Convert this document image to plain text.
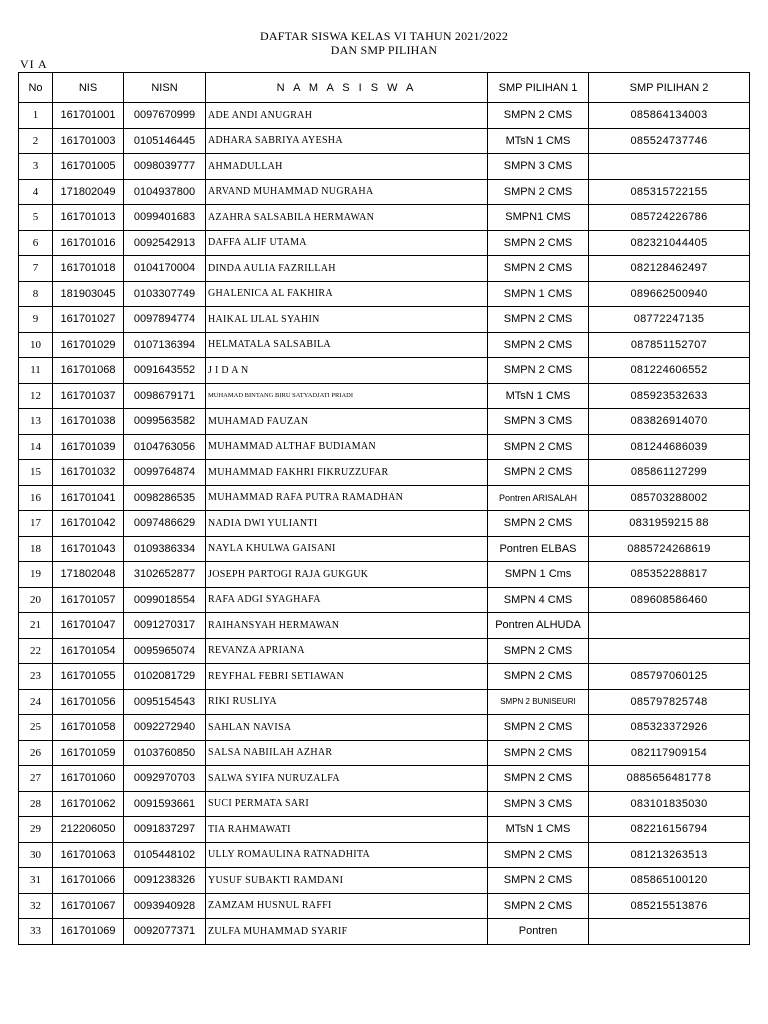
DAFTAR SISWA KELAS VI TAHUN 2021/2022
DAN SMP PILIHAN
VI A
No	NIS	NISN	N A M A S I S W A	SMP PILIHAN 1	SMP PILIHAN 2
1	161701001	0097670999	ADE ANDI ANUGRAH	SMPN 2 CMS	085864134003
2	161701003	0105146445	ADHARA SABRIYA AYESHA	MTsN 1 CMS	085524737746
3	161701005	0098039777	AHMADULLAH	SMPN 3 CMS	
4	171802049	0104937800	ARVAND MUHAMMAD NUGRAHA	SMPN 2 CMS	085315722155
5	161701013	0099401683	AZAHRA SALSABILA HERMAWAN	SMPN1 CMS	085724226786
6	161701016	0092542913	DAFFA ALIF UTAMA	SMPN 2 CMS	082321044405
7	161701018	0104170004	DINDA AULIA FAZRILLAH	SMPN 2 CMS	082128462497
8	181903045	0103307749	GHALENICA AL FAKHIRA	SMPN 1 CMS	089662500940
9	161701027	0097894774	HAIKAL IJLAL SYAHIN	SMPN 2 CMS	08772247135
10	161701029	0107136394	HELMATALA SALSABILA	SMPN 2 CMS	087851152707
11	161701068	0091643552	J I D A N	SMPN 2 CMS	081224606552
12	161701037	0098679171	MUHAMAD BINTANG BIRU SATYADJATI PRIADI	MTsN 1 CMS	085923532633
13	161701038	0099563582	MUHAMAD FAUZAN	SMPN 3 CMS	083826914070
14	161701039	0104763056	MUHAMMAD ALTHAF BUDIAMAN	SMPN 2 CMS	081244686039
15	161701032	0099764874	MUHAMMAD FAKHRI FIKRUZZUFAR	SMPN 2 CMS	085861127299
16	161701041	0098286535	MUHAMMAD RAFA PUTRA RAMADHAN	Pontren ARISALAH	085703288002
17	161701042	0097486629	NADIA DWI YULIANTI	SMPN 2 CMS	0831959215 88
18	161701043	0109386334	NAYLA KHULWA GAISANI	Pontren ELBAS	0885724268619
19	171802048	3102652877	JOSEPH PARTOGI RAJA GUKGUK	SMPN 1 Cms	085352288817
20	161701057	0099018554	RAFA ADGI SYAGHAFA	SMPN 4 CMS	089608586460
21	161701047	0091270317	RAIHANSYAH HERMAWAN	Pontren ALHUDA	
22	161701054	0095965074	REVANZA APRIANA	SMPN 2 CMS	
23	161701055	0102081729	REYFHAL FEBRI SETIAWAN	SMPN 2 CMS	085797060125
24	161701056	0095154543	RIKI RUSLIYA	SMPN 2 BUNISEURI	085797825748
25	161701058	0092272940	SAHLAN NAVISA	SMPN 2 CMS	085323372926
26	161701059	0103760850	SALSA NABIILAH AZHAR	SMPN 2 CMS	082117909154
27	161701060	0092970703	SALWA SYIFA NURUZALFA	SMPN 2 CMS	088565648177 8
28	161701062	0091593661	SUCI PERMATA SARI	SMPN 3 CMS	083101835030
29	212206050	0091837297	TIA RAHMAWATI	MTsN 1 CMS	082216156794
30	161701063	0105448102	ULLY ROMAULINA RATNADHITA	SMPN 2 CMS	081213263513
31	161701066	0091238326	YUSUF SUBAKTI RAMDANI	SMPN 2 CMS	085865100120
32	161701067	0093940928	ZAMZAM HUSNUL RAFFI	SMPN 2 CMS	085215513876
33	161701069	0092077371	ZULFA MUHAMMAD SYARIF	Pontren	
